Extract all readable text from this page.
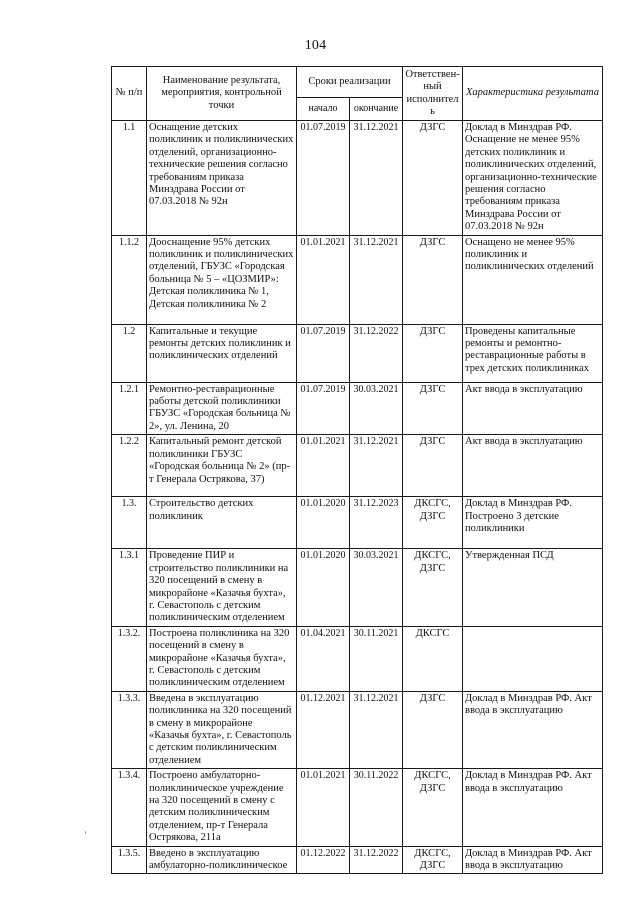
104
№ п/п	Наименование результата, мероприятия, контрольной точки	Сроки реализации		Ответствен-ный исполнитель	Характеристика результата
		начало	окончание		
1.1	Оснащение детских поликлиник и поликлинических отделений, организационно-технические решения согласно требованиям приказа Минздрава России от 07.03.2018 № 92н	01.07.2019	31.12.2021	ДЗГС	Доклад в Минздрав РФ. Оснащение не менее 95% детских поликлиник и поликлинических отделений, организационно-технические решения согласно требованиям приказа Минздрава России от 07.03.2018 № 92н
1.1.2	Дооснащение 95% детских поликлиник и поликлинических отделений, ГБУЗС «Городская больница № 5 – «ЦОЗМИР»: Детская поликлиника № 1, Детская поликлиника № 2	01.01.2021	31.12.2021	ДЗГС	Оснащено не менее 95% поликлиник и поликлинических отделений
1.2	Капитальные и текущие ремонты детских поликлиник и поликлинических отделений	01.07.2019	31.12.2022	ДЗГС	Проведены капитальные ремонты и ремонтно-реставрационные работы в трех детских поликлиниках
1.2.1	Ремонтно-реставрационные работы детской поликлиники ГБУЗС «Городская больница № 2», ул. Ленина, 20	01.07.2019	30.03.2021	ДЗГС	Акт ввода в эксплуатацию
1.2.2	Капитальный ремонт детской поликлиники ГБУЗС «Городская больница № 2» (пр-т Генерала Острякова, 37)	01.01.2021	31.12.2021	ДЗГС	Акт ввода в эксплуатацию
1.3.	Строительство детских поликлиник	01.01.2020	31.12.2023	ДКСГС, ДЗГС	Доклад в Минздрав РФ. Построено 3 детские поликлиники
1.3.1	Проведение ПИР и строительство поликлиники на 320 посещений в смену в микрорайоне «Казачья бухта», г. Севастополь с детским поликлиническим отделением	01.01.2020	30.03.2021	ДКСГС, ДЗГС	Утвержденная ПСД
1.3.2.	Построена поликлиника на 320 посещений в смену в микрорайоне «Казачья бухта», г. Севастополь с детским поликлиническим отделением	01.04.2021	30.11.2021	ДКСГС	
1.3.3.	Введена в эксплуатацию поликлиника на 320 посещений в смену в микрорайоне «Казачья бухта», г. Севастополь с детским поликлиническим отделением	01.12.2021	31.12.2021	ДЗГС	Доклад в Минздрав РФ. Акт ввода в эксплуатацию
1.3.4.	Построено амбулаторно-поликлиническое учреждение на 320 посещений в смену с детским поликлиническим отделением, пр-т Генерала Острякова, 211а	01.01.2021	30.11.2022	ДКСГС, ДЗГС	Доклад в Минздрав РФ. Акт ввода в эксплуатацию
1.3.5.	Введено в эксплуатацию амбулаторно-поликлиническое	01.12.2022	31.12.2022	ДКСГС, ДЗГС	Доклад в Минздрав РФ. Акт ввода в эксплуатацию
’
